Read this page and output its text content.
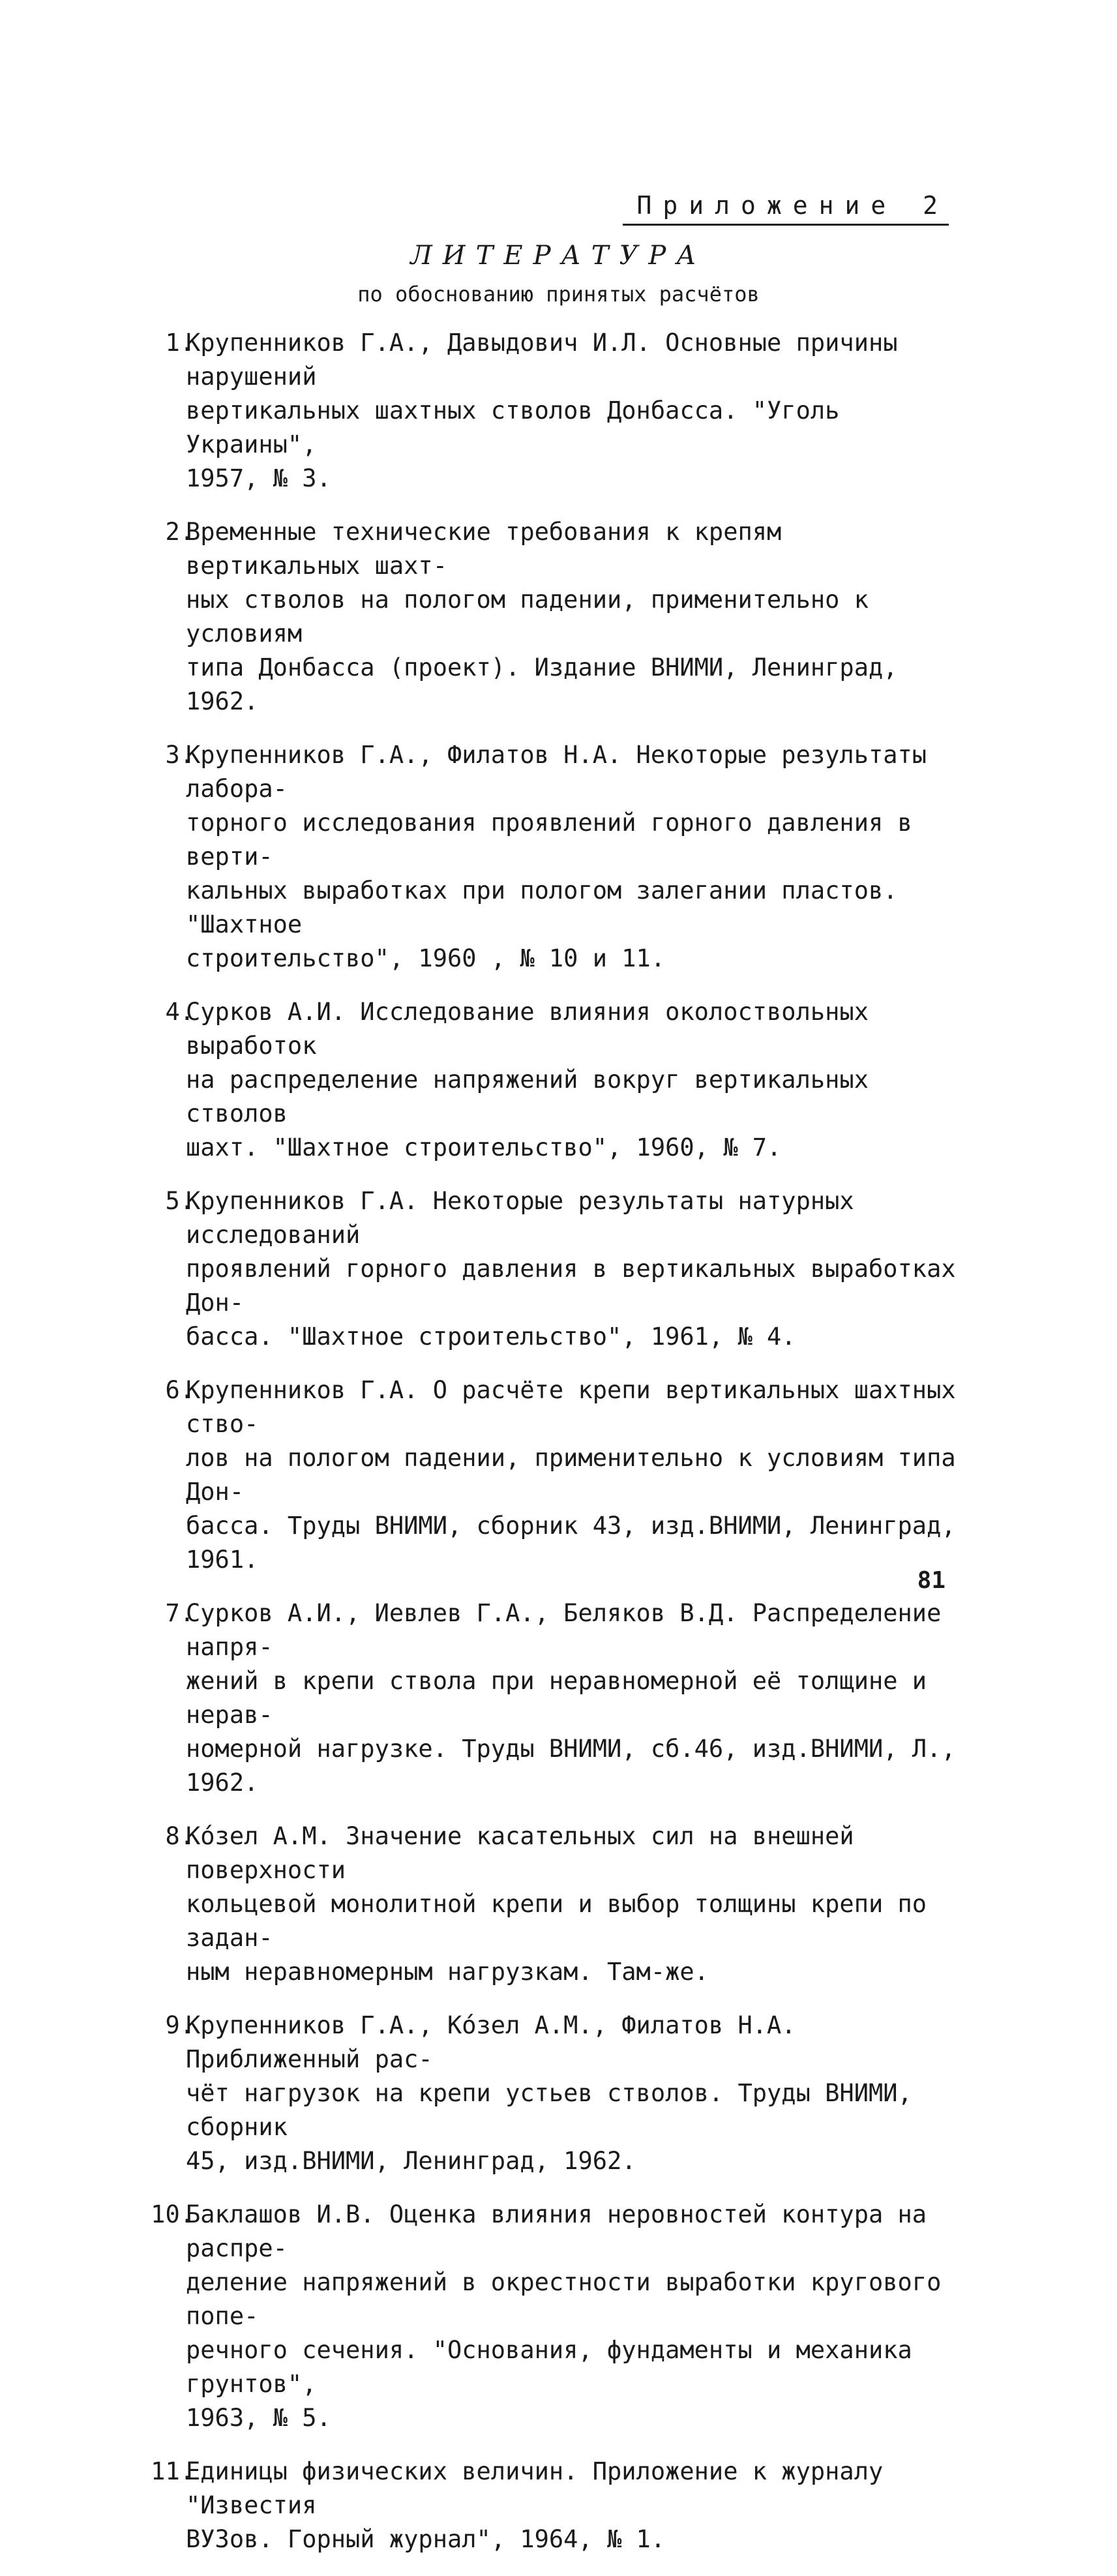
Приложение 2
ЛИТЕРАТУРА
по обоснованию принятых расчётов
1.
Крупенников Г.А., Давыдович И.Л. Основные причины нарушений
вертикальных шахтных стволов Донбасса. "Уголь Украины",
1957, № 3.
2.
Временные технические требования к крепям вертикальных шахт-
ных стволов на пологом падении, применительно к условиям
типа Донбасса (проект). Издание ВНИМИ, Ленинград, 1962.
3.
Крупенников Г.А., Филатов Н.А. Некоторые результаты лабора-
торного исследования проявлений горного давления в верти-
кальных выработках при пологом залегании пластов. "Шахтное
строительство", 1960 , № 10 и 11.
4.
Сурков А.И. Исследование влияния околоствольных выработок
на распределение напряжений вокруг вертикальных стволов
шахт. "Шахтное строительство", 1960, № 7.
5.
Крупенников Г.А. Некоторые результаты натурных исследований
проявлений горного давления в вертикальных выработках Дон-
басса. "Шахтное строительство", 1961, № 4.
6.
Крупенников Г.А. О расчёте крепи вертикальных шахтных ство-
лов на пологом падении, применительно к условиям типа Дон-
басса. Труды ВНИМИ, сборник 43, изд.ВНИМИ, Ленинград, 1961.
7.
Сурков А.И., Иевлев Г.А., Беляков В.Д. Распределение напря-
жений в крепи ствола при неравномерной её толщине и нерав-
номерной нагрузке. Труды ВНИМИ, сб.46, изд.ВНИМИ, Л., 1962.
8.
Ко́зел А.М. Значение касательных сил на внешней поверхности
кольцевой монолитной крепи и выбор толщины крепи по задан-
ным неравномерным нагрузкам. Там-же.
9.
Крупенников Г.А., Ко́зел А.М., Филатов Н.А. Приближенный рас-
чёт нагрузок на крепи устьев стволов. Труды ВНИМИ, сборник
45, изд.ВНИМИ, Ленинград, 1962.
10.
Баклашов И.В. Оценка влияния неровностей контура на распре-
деление напряжений в окрестности выработки кругового попе-
речного сечения. "Основания, фундаменты и механика грунтов",
1963, № 5.
11.
Единицы физических величин. Приложение к журналу "Известия
ВУЗов. Горный журнал", 1964, № 1.
81
